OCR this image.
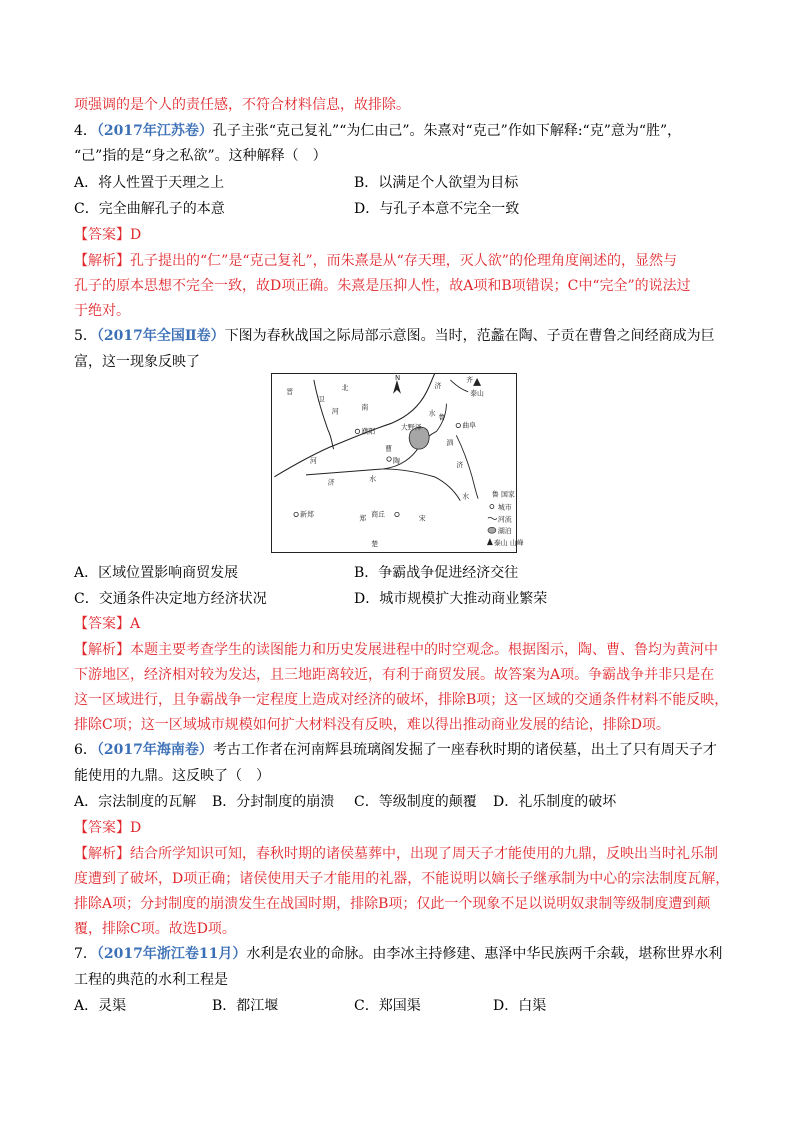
项强调的是个人的责任感，不符合材料信息，故排除。
4．（2017年江苏卷）孔子主张“克己复礼”“为仁由己”。朱熹对“克己”作如下解释:“克”意为“胜”，
“己”指的是“身之私欲”。这种解释（　）
A．将人性置于天理之上	B．以满足个人欲望为目标
C．完全曲解孔子的本意	D．与孔子本意不完全一致
【答案】D
【解析】孔子提出的“仁”是“克己复礼”，而朱熹是从“存天理，灭人欲”的伦理角度阐述的，显然与
孔子的原本思想不完全一致，故D项正确。朱熹是压抑人性，故A项和B项错误；C中“完全”的说法过
于绝对。
5．（2017年全国Ⅱ卷）下图为春秋战国之际局部示意图。当时，范蠡在陶、子贡在曹鲁之间经商成为巨
富，这一现象反映了
N
晋
卫
北
河	南
濮阳	大野泽
曹
陶
济	水
鲁
泗
曲阜
齐
泰山
济
河	济
水
水
新郑	郑 商丘	宋
楚
鲁 国家
城市
河流
湖泊
泰山 山峰
A．区域位置影响商贸发展	B．争霸战争促进经济交往
C．交通条件决定地方经济状况	D．城市规模扩大推动商业繁荣
【答案】A
【解析】本题主要考查学生的读图能力和历史发展进程中的时空观念。根据图示，陶、曹、鲁均为黄河中
下游地区，经济相对较为发达，且三地距离较近，有利于商贸发展。故答案为A项。争霸战争并非只是在
这一区域进行，且争霸战争一定程度上造成对经济的破坏，排除B项；这一区域的交通条件材料不能反映，
排除C项；这一区域城市规模如何扩大材料没有反映，难以得出推动商业发展的结论，排除D项。
6．（2017年海南卷）考古工作者在河南辉县琉璃阁发掘了一座春秋时期的诸侯墓，出土了只有周天子才
能使用的九鼎。这反映了（　）
A．宗法制度的瓦解 B．分封制度的崩溃 C．等级制度的颠覆 D．礼乐制度的破坏
【答案】D
【解析】结合所学知识可知，春秋时期的诸侯墓葬中，出现了周天子才能使用的九鼎，反映出当时礼乐制
度遭到了破坏，D项正确；诸侯使用天子才能用的礼器，不能说明以嫡长子继承制为中心的宗法制度瓦解，
排除A项；分封制度的崩溃发生在战国时期，排除B项；仅此一个现象不足以说明奴隶制等级制度遭到颠
覆，排除C项。故选D项。
7．（2017年浙江卷11月）水利是农业的命脉。由李冰主持修建、惠泽中华民族两千余载，堪称世界水利
工程的典范的水利工程是
A．灵渠	B．都江堰	C．郑国渠	D．白渠
